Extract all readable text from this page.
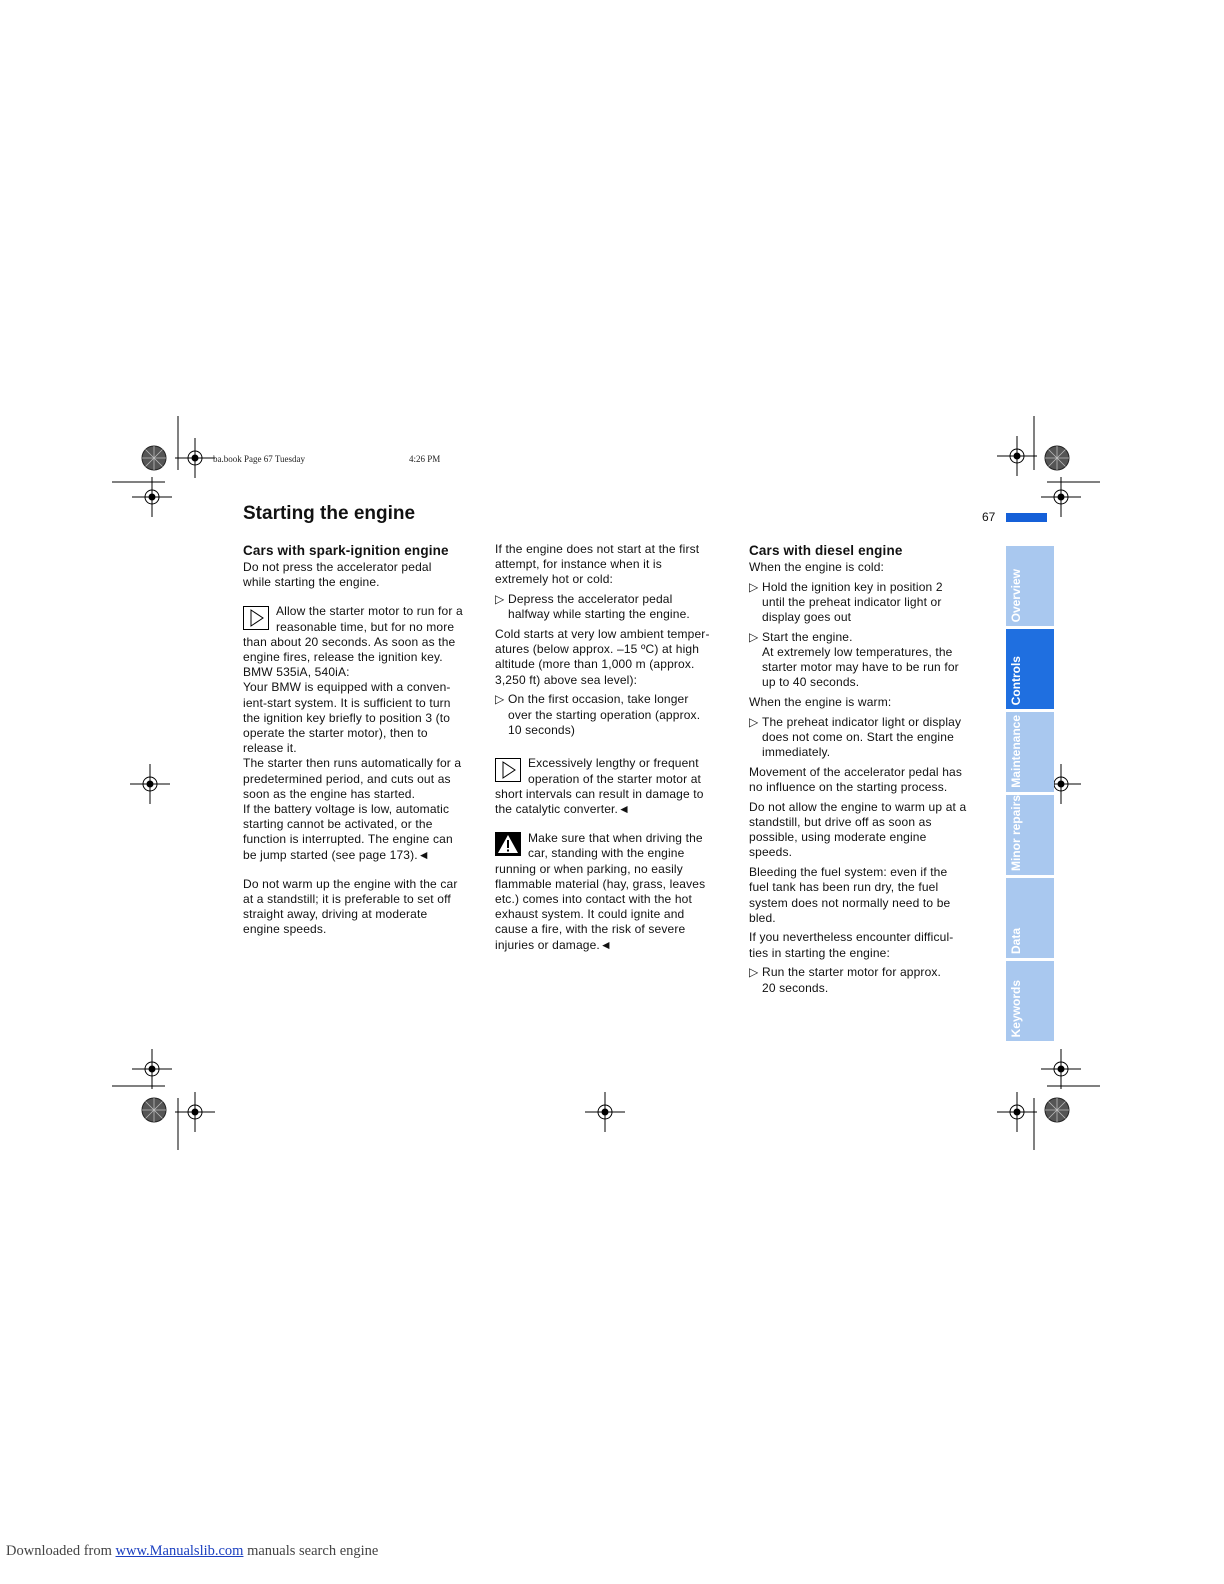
ba.book Page 67 Tuesday	4:26 PM
Starting the engine	67
Cars with spark-ignition engine

Do not press the accelerator pedal
while starting the engine.

Allow the starter motor to run for a
reasonable time, but for no more
than about 20 seconds. As soon as the
engine fires, release the ignition key.
BMW 535iA, 540iA:
Your BMW is equipped with a conven-
ient-start system. It is sufficient to turn
the ignition key briefly to position 3 (to
operate the starter motor), then to
release it.
The starter then runs automatically for a
predetermined period, and cuts out as
soon as the engine has started.
If the battery voltage is low, automatic
starting cannot be activated, or the
function is interrupted. The engine can
be jump started (see page 173).◄

Do not warm up the engine with the car
at a standstill; it is preferable to set off
straight away, driving at moderate
engine speeds.

If the engine does not start at the first
attempt, for instance when it is
extremely hot or cold:

▷ Depress the accelerator pedal
halfway while starting the engine.

Cold starts at very low ambient temper-
atures (below approx. –15 ºC) at high
altitude (more than 1,000 m (approx.
3,250 ft) above sea level):

▷ On the first occasion, take longer
over the starting operation (approx.
10 seconds)

Excessively lengthy or frequent
operation of the starter motor at
short intervals can result in damage to
the catalytic converter.◄

Make sure that when driving the
car, standing with the engine
running or when parking, no easily
flammable material (hay, grass, leaves
etc.) comes into contact with the hot
exhaust system. It could ignite and
cause a fire, with the risk of severe
injuries or damage.◄

Cars with diesel engine

When the engine is cold:

▷ Hold the ignition key in position 2
until the preheat indicator light or
display goes out
▷ Start the engine.
At extremely low temperatures, the
starter motor may have to be run for
up to 40 seconds.

When the engine is warm:

▷ The preheat indicator light or display
does not come on. Start the engine
immediately.

Movement of the accelerator pedal has
no influence on the starting process.

Do not allow the engine to warm up at a
standstill, but drive off as soon as
possible, using moderate engine
speeds.

Bleeding the fuel system: even if the
fuel tank has been run dry, the fuel
system does not normally need to be
bled.

If you nevertheless encounter difficul-
ties in starting the engine:

▷ Run the starter motor for approx.
20 seconds.
Overview
Controls
Maintenance
Minor repairs
Data
Keywords
Downloaded from www.Manualslib.com manuals search engine
